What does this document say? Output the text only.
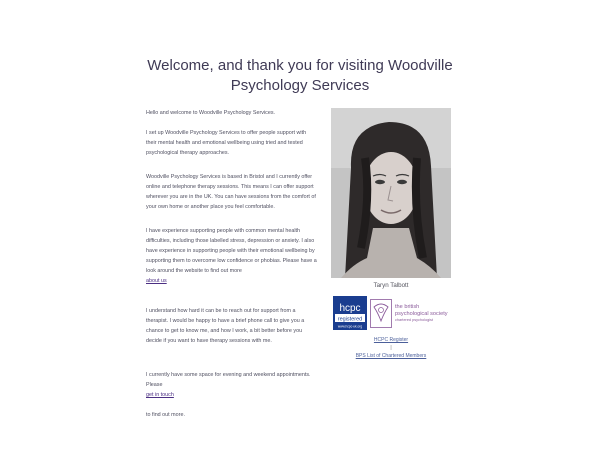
Welcome, and thank you for visiting Woodville
Psychology Services

Hello and welcome to Woodville Psychology Services.

I set up Woodville Psychology Services to offer people support with their mental health and emotional wellbeing using tried and tested psychological therapy approaches.

Woodville Psychology Services is based in Bristol and I currently offer online and telephone therapy sessions. This means I can offer support wherever you are in the UK. You can have sessions from the comfort of your own home or another place you feel comfortable.

I have experience supporting people with common mental health difficulties, including those labelled stress, depression or anxiety. I also have experience in supporting people with their emotional wellbeing by supporting them to overcome low confidence or phobias. Please have a look around the website to find out more

about us

I understand how hard it can be to reach out for support from a therapist. I would be happy to have a brief phone call to give you a chance to get to know me, and how I work, a bit better before you decide if you want to have therapy sessions with me.

I currently have some space for evening and weekend appointments. Please

get in touch

to find out more.

Taryn Talbott
hcpc
registered
www.hcpc-uk.org
the british
psychological society
chartered psychologist
HCPC Register
|
BPS List of Chartered Members
